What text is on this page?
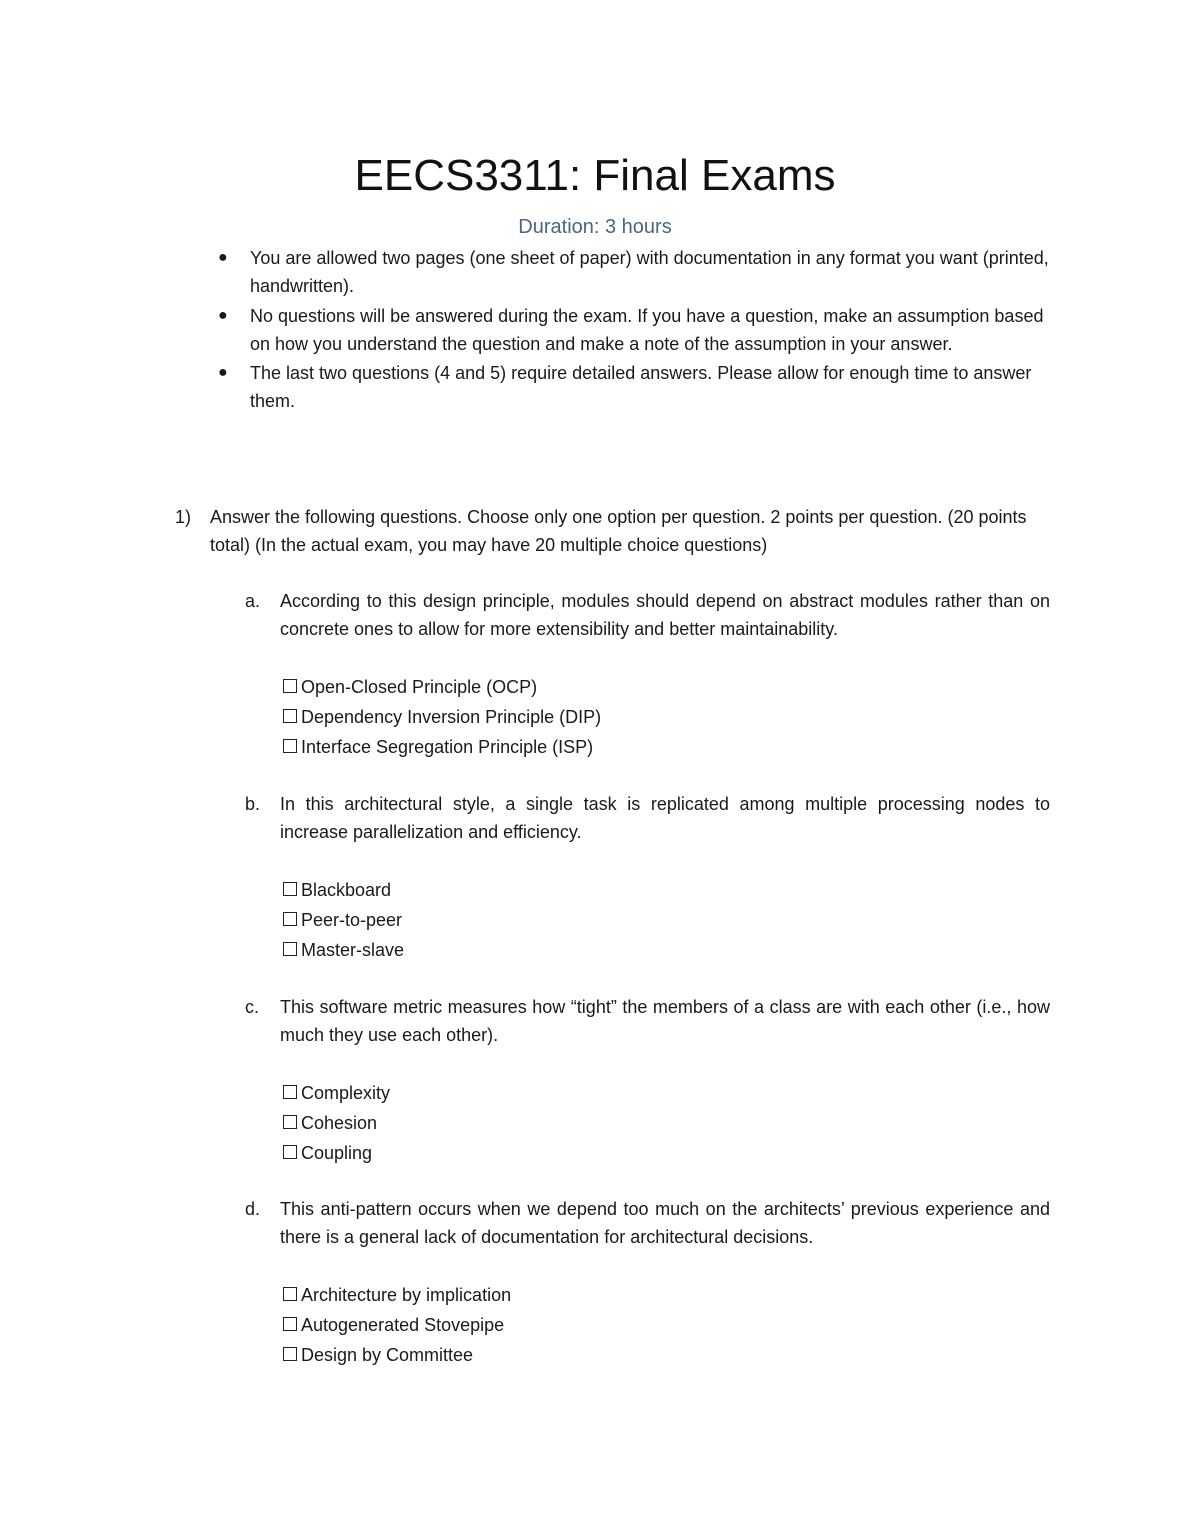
EECS3311: Final Exams
Duration: 3 hours
● You are allowed two pages (one sheet of paper) with documentation in any format you want (printed, handwritten).
● No questions will be answered during the exam. If you have a question, make an assumption based on how you understand the question and make a note of the assumption in your answer.
● The last two questions (4 and 5) require detailed answers. Please allow for enough time to answer them.
1) Answer the following questions. Choose only one option per question. 2 points per question. (20 points total) (In the actual exam, you may have 20 multiple choice questions)

a. According to this design principle, modules should depend on abstract modules rather than on concrete ones to allow for more extensibility and better maintainability.

Open-Closed Principle (OCP)
Dependency Inversion Principle (DIP)
Interface Segregation Principle (ISP)
b. In this architectural style, a single task is replicated among multiple processing nodes to increase parallelization and efficiency.

Blackboard
Peer-to-peer
Master-slave
c. This software metric measures how “tight” the members of a class are with each other (i.e., how much they use each other).

Complexity
Cohesion
Coupling
d. This anti-pattern occurs when we depend too much on the architects’ previous experience and there is a general lack of documentation for architectural decisions.

Architecture by implication
Autogenerated Stovepipe
Design by Committee
